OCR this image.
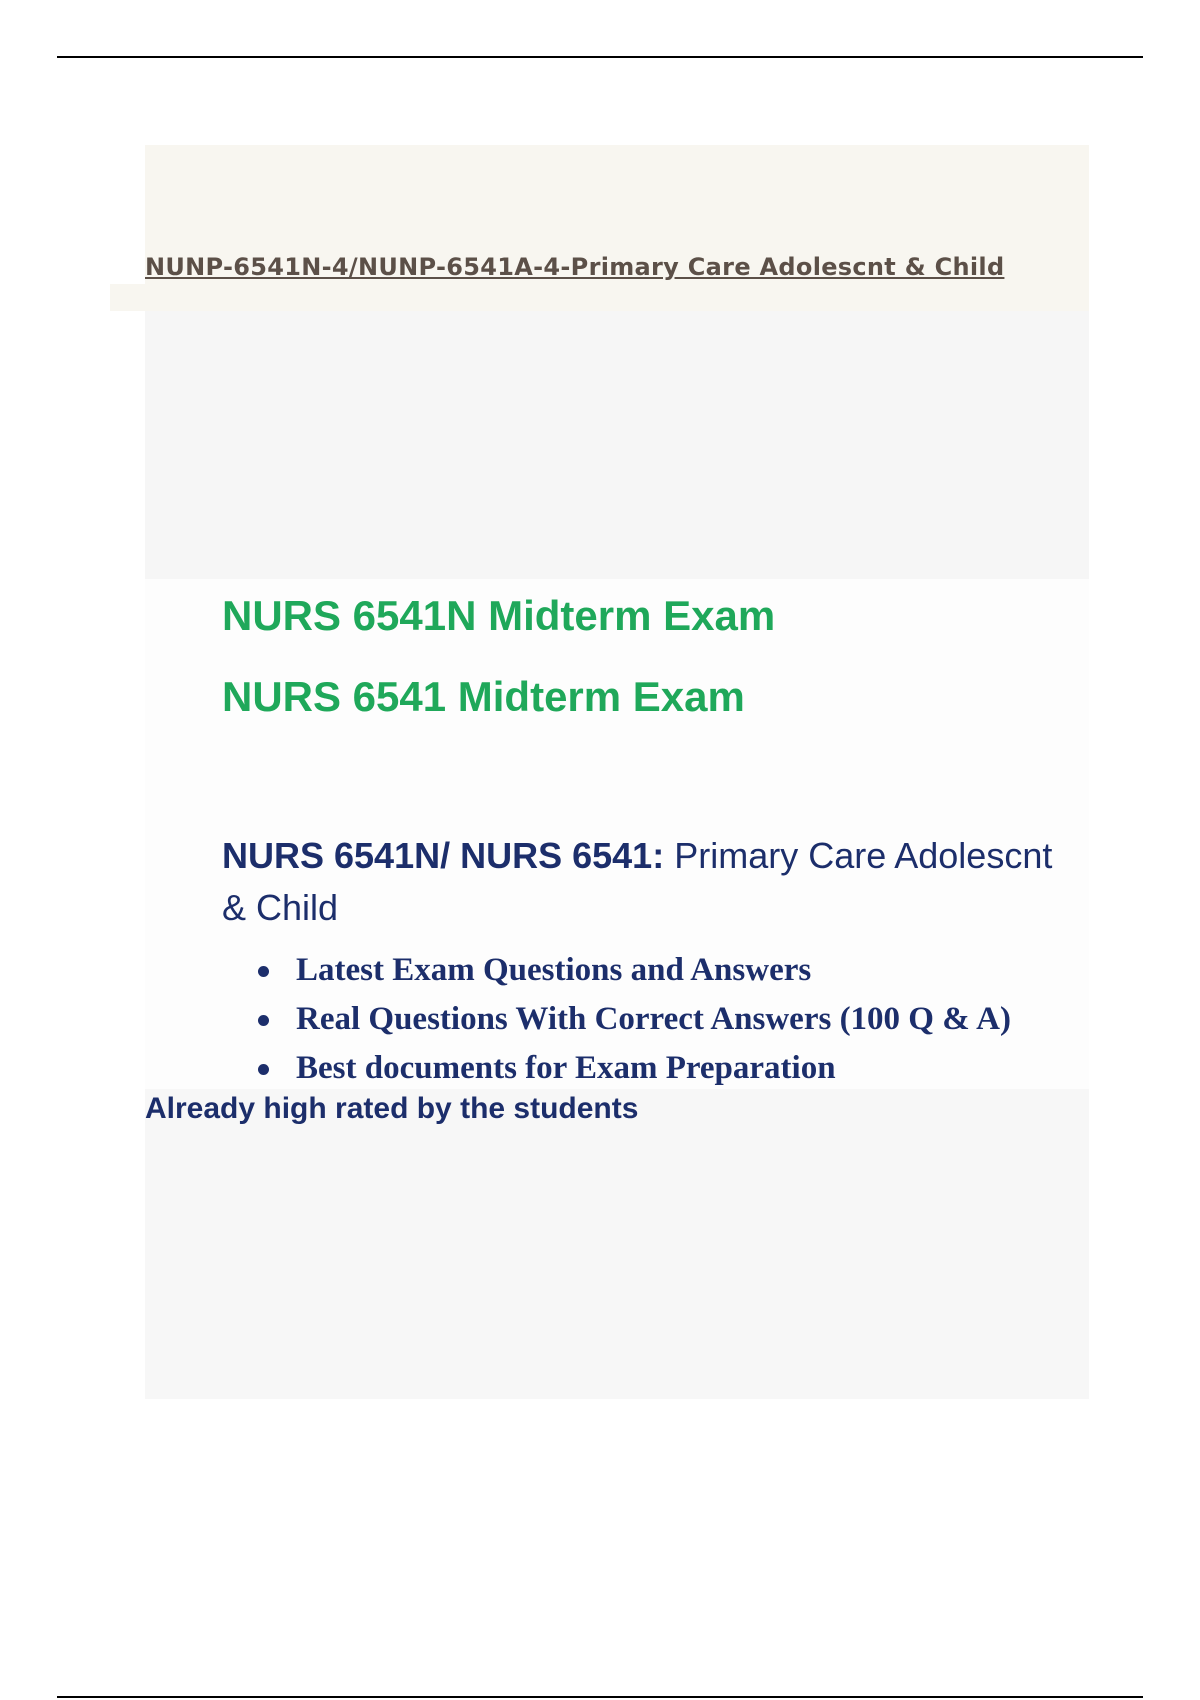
NUNP-6541N-4/NUNP-6541A-4-Primary Care Adolescnt & Child
NURS 6541N Midterm Exam
NURS 6541 Midterm Exam
NURS 6541N/ NURS 6541: Primary Care Adolescnt & Child
Latest Exam Questions and Answers
Real Questions With Correct Answers (100 Q & A)
Best documents for Exam Preparation
Already high rated by the students
